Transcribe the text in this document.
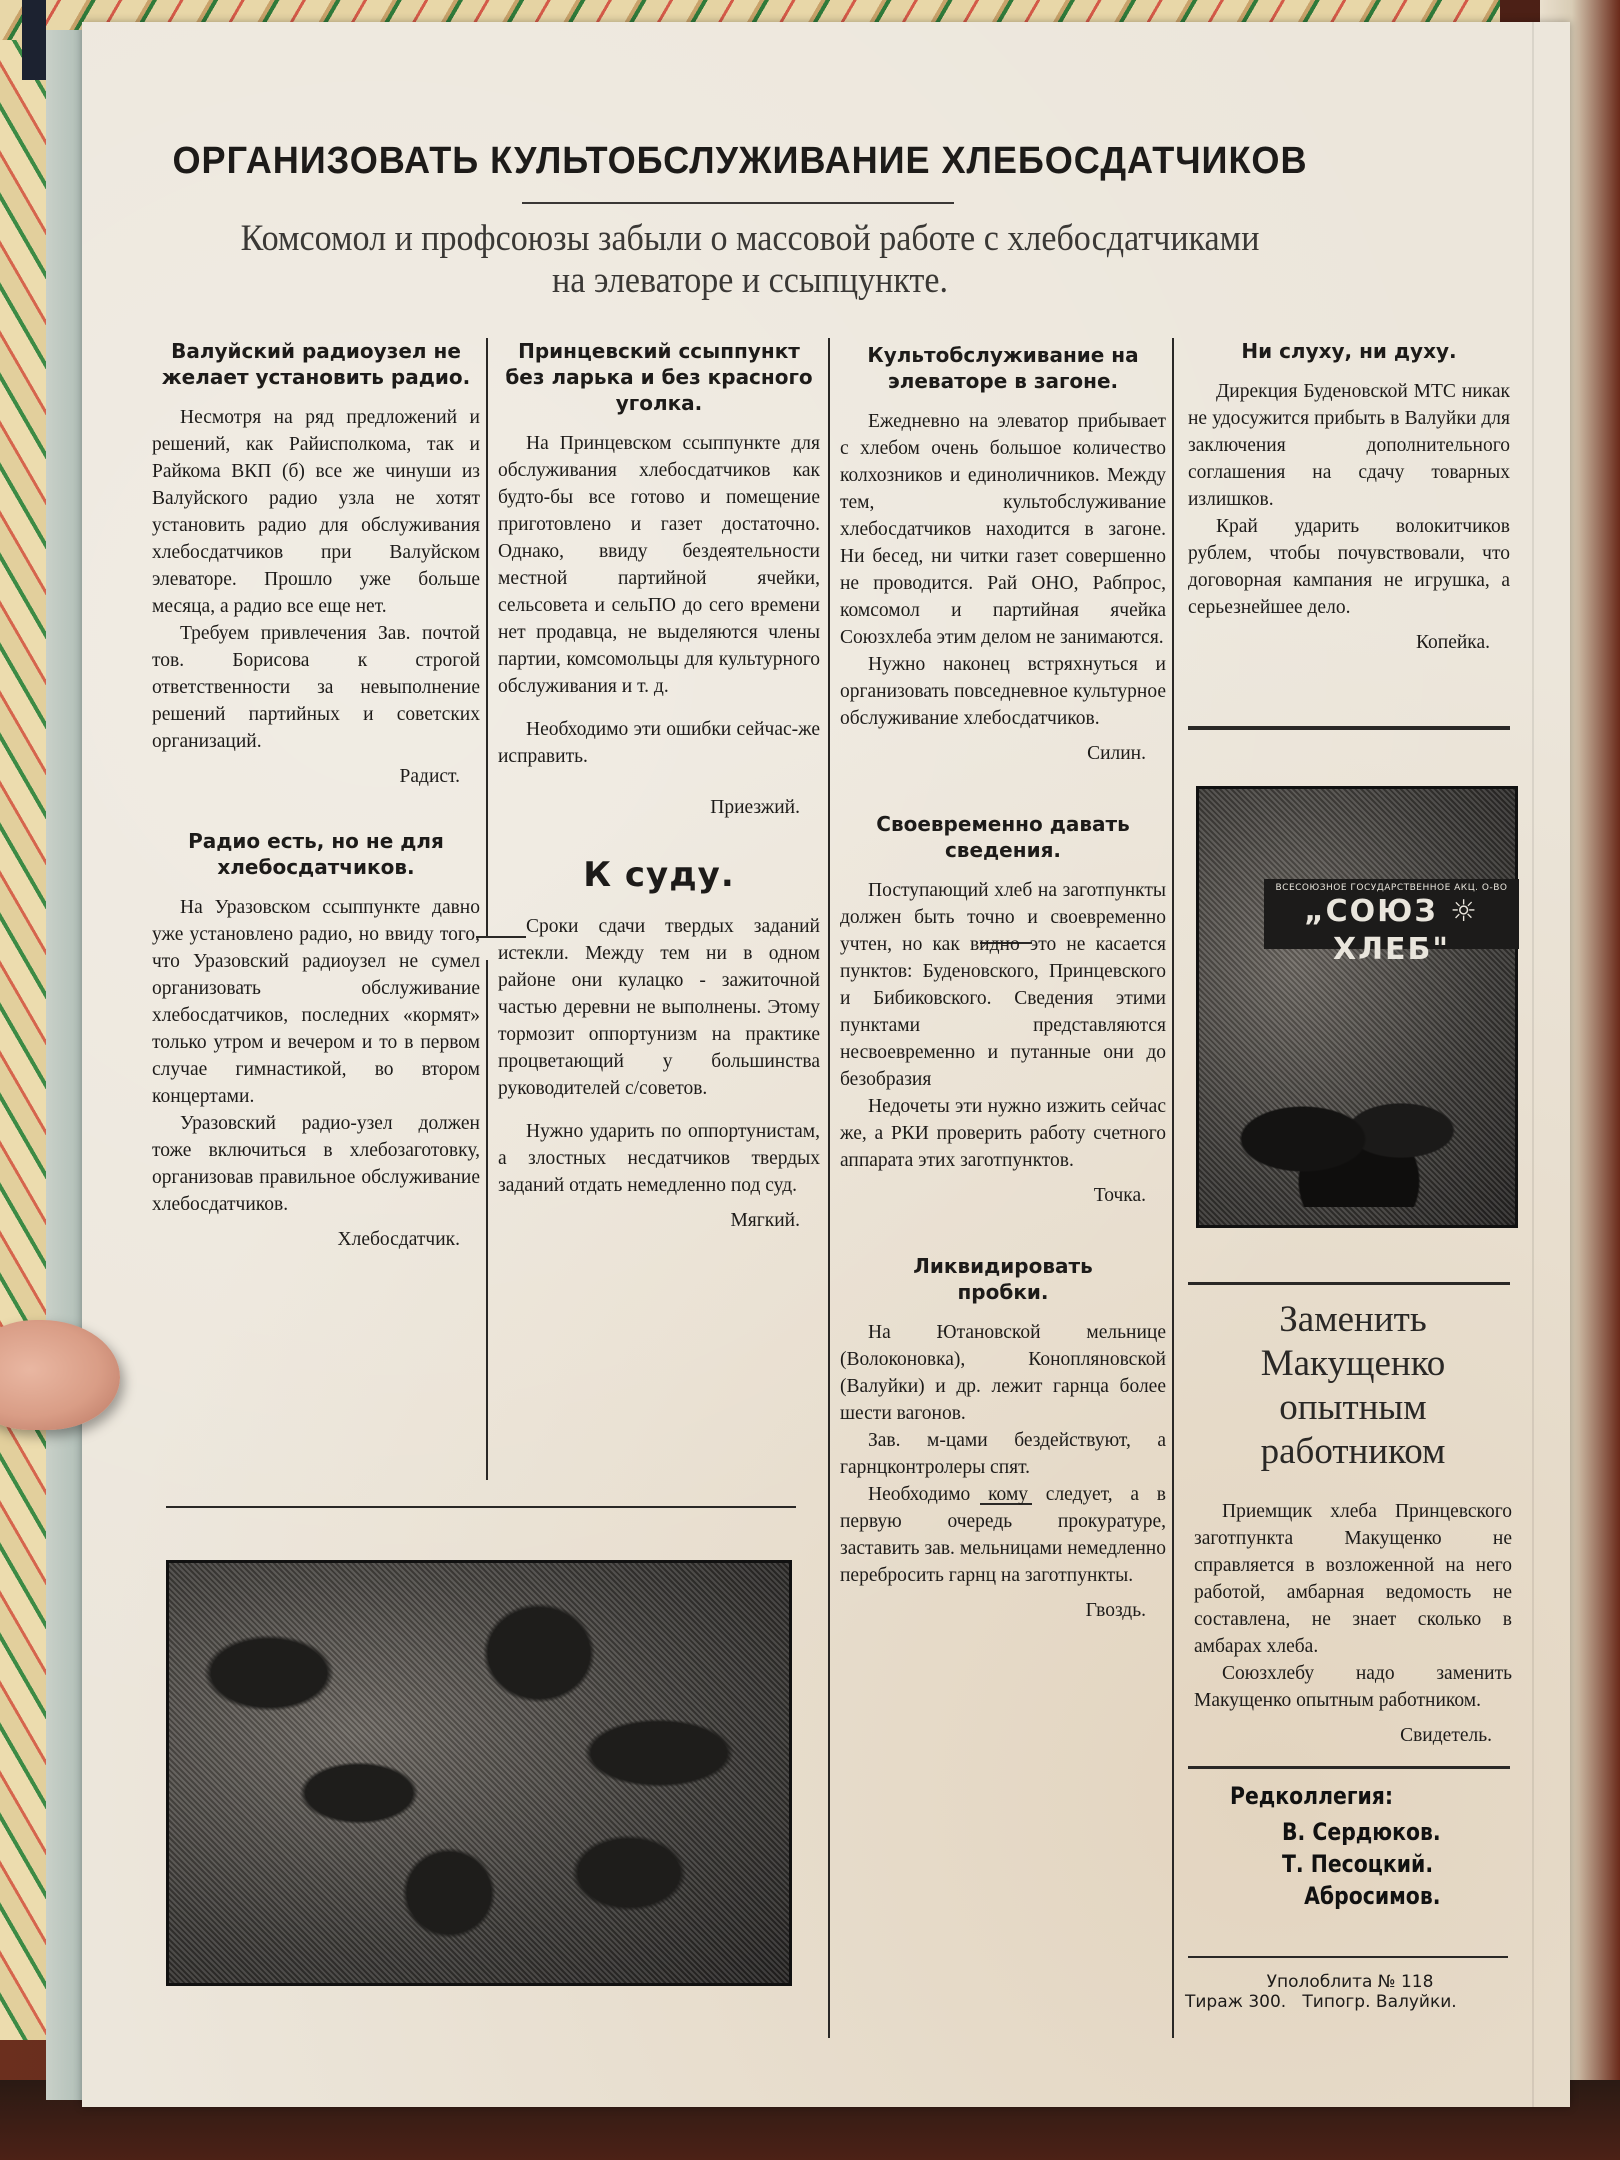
ОРГАНИЗОВАТЬ КУЛЬТОБСЛУЖИВАНИЕ ХЛЕБОСДАТЧИКОВ
Комсомол и профсоюзы забыли о массовой работе с хлебосдатчиками
на элеваторе и ссыпцункте.
Валуйский радиоузел не желает установить радио.

Несмотря на ряд предложений и решений, как Райисполкома, так и Райкома ВКП (б) все же чинуши из Валуйского радио узла не хотят установить радио для обслуживания хлебосдатчиков при Валуйском элеваторе. Прошло уже больше месяца, а радио все еще нет.

Требуем привлечения Зав. почтой тов. Борисова к строгой ответственности за невыполнение решений партийных и советских организаций.

Радист.

Радио есть, но не для хлебосдатчиков.

На Уразовском ссыппункте давно уже установлено радио, но ввиду того, что Уразовский радиоузел не сумел организовать обслуживание хлебосдатчиков, последних «кормят» только утром и вечером и то в первом случае гимнастикой, во втором концертами.

Уразовский радио-узел должен тоже включиться в хлебозаготовку, организовав правильное обслуживание хлебосдатчиков.

Хлебосдатчик.

Принцевский ссыппункт без ларька и без красного уголка.

На Принцевском ссыппункте для обслуживания хлебосдатчиков как будто-бы все готово и помещение приготовлено и газет достаточно. Однако, ввиду бездеятельности местной партийной ячейки, сельсовета и сельПО до сего времени нет продавца, не выделяются члены партии, комсомольцы для культурного обслуживания и т. д.

Необходимо эти ошибки сейчас-же исправить.

Приезжий.

К суду.

Сроки сдачи твердых заданий истекли. Между тем ни в одном районе они кулацко - зажиточной частью деревни не выполнены. Этому тормозит оппортунизм на практике процветающий у большинства руководителей с/советов.

Нужно ударить по оппортунистам, а злостных несдатчиков твердых заданий отдать немедленно под суд.

Мягкий.

Культобслуживание на элеваторе в загоне.

Ежедневно на элеватор прибывает с хлебом очень большое количество колхозников и единоличников. Между тем, культобслуживание хлебосдатчиков находится в загоне. Ни бесед, ни читки газет совершенно не проводится. Рай ОНО, Рабпрос, комсомол и партийная ячейка Союзхлеба этим делом не занимаются.

Нужно наконец встряхнуться и организовать повседневное культурное обслуживание хлебосдатчиков.

Силин.

Своевременно давать сведения.

Поступающий хлеб на заготпункты должен быть точно и своевременно учтен, но как видно это не касается пунктов: Буденовского, Принцевского и Бибиковского. Сведения этими пунктами представляются несвоевременно и путанные они до безобразия

Недочеты эти нужно изжить сейчас же, а РКИ проверить работу счетного аппарата этих заготпунктов.

Точка.

Ликвидировать пробки.

На Ютановской мельнице (Волоконовка), Коноплянoвской (Валуйки) и др. лежит гарнца более шести вагонов.

Зав. м-цами бездействуют, а гарнцконтролеры спят.

Необходимо кому следует, а в первую очередь прокуратуре, заставить зав. мельницами немедленно перебросить гарнц на заготпункты.

Гвоздь.

Ни слуху, ни духу.

Дирекция Буденовской МТС никак не удосужится прибыть в Валуйки для заключения дополнительного соглашения на сдачу товарных излишков.

Край ударить волокитчиков рублем, чтобы почувствовали, что договорная кампания не игрушка, а серьезнейшее дело.

Копейка.

ВСЕСОЮЗНОЕ ГОСУДАРСТВЕННОЕ АКЦ. О-ВО
„СОЮЗ ☼ ХЛЕБ"
Заменить Макущенко опытным работником

Приемщик хлеба Принцевского заготпункта Макущенко не справляется в возложенной на него работой, амбарная ведомость не составлена, не знает сколько в амбарах хлеба.

Союзхлебу надо заменить Макущенко опытным работником.

Свидетель.

Редколлегия:
В. Сердюков.
Т. Песоцкий.
Абросимов.
Уполоблита № 118
Тираж 300.   Типогр. Валуйки.
